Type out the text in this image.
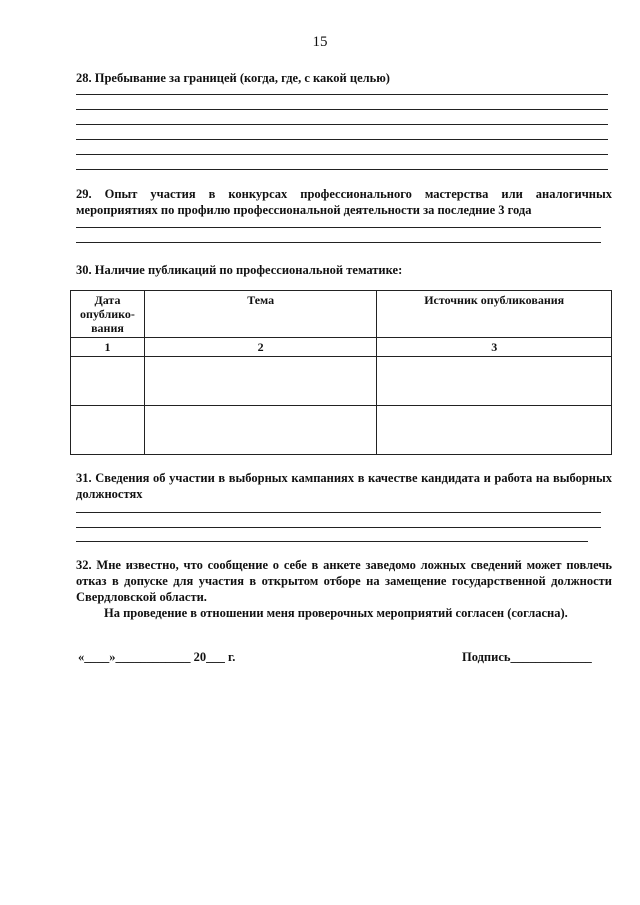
15
28. Пребывание за границей (когда, где, с какой целью)
29. Опыт участия в конкурсах профессионального мастерства или аналогичных мероприятиях по профилю профессиональной деятельности за последние 3 года
30. Наличие публикаций по профессиональной тематике:
Дата опублико-вания	Тема	Источник опубликования
1	2	3

31. Сведения об участии в выборных кампаниях в качестве кандидата и работа на выборных должностях
32. Мне известно, что сообщение о себе в анкете заведомо ложных сведений может повлечь отказ в допуске для участия в открытом отборе на замещение государственной должности Свердловской области.
На проведение в отношении меня проверочных мероприятий согласен (согласна).
«____»____________ 20___ г.	Подпись_____________
